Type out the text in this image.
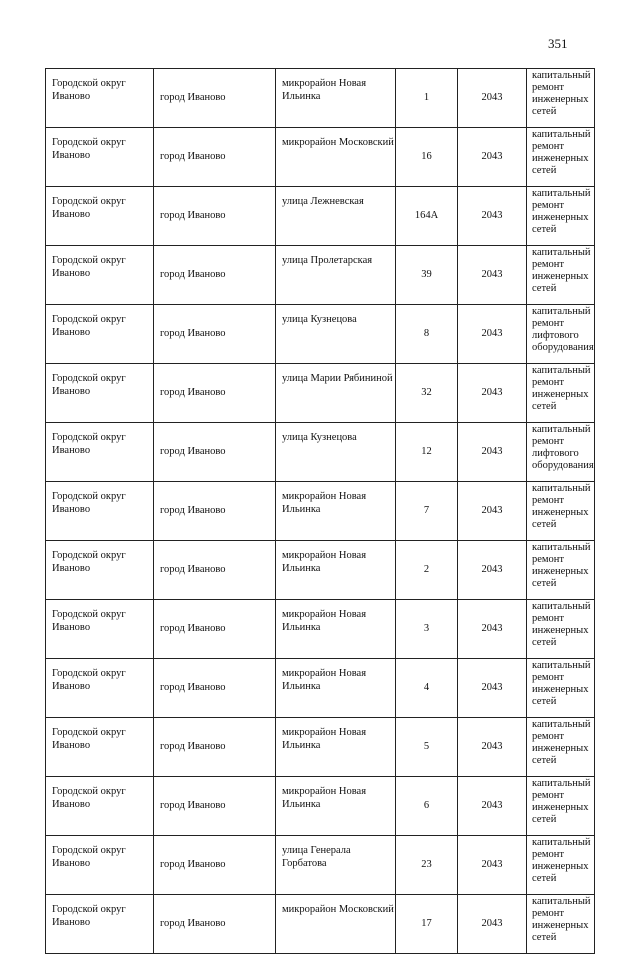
351
Городской округ Иваново	город Иваново	микрорайон Новая Ильинка	1	2043	капитальный ремонт инженерных сетей
Городской округ Иваново	город Иваново	микрорайон Московский	16	2043	капитальный ремонт инженерных сетей
Городской округ Иваново	город Иваново	улица Лежневская	164А	2043	капитальный ремонт инженерных сетей
Городской округ Иваново	город Иваново	улица Пролетарская	39	2043	капитальный ремонт инженерных сетей
Городской округ Иваново	город Иваново	улица Кузнецова	8	2043	капитальный ремонт лифтового оборудования
Городской округ Иваново	город Иваново	улица Марии Рябининой	32	2043	капитальный ремонт инженерных сетей
Городской округ Иваново	город Иваново	улица Кузнецова	12	2043	капитальный ремонт лифтового оборудования
Городской округ Иваново	город Иваново	микрорайон Новая Ильинка	7	2043	капитальный ремонт инженерных сетей
Городской округ Иваново	город Иваново	микрорайон Новая Ильинка	2	2043	капитальный ремонт инженерных сетей
Городской округ Иваново	город Иваново	микрорайон Новая Ильинка	3	2043	капитальный ремонт инженерных сетей
Городской округ Иваново	город Иваново	микрорайон Новая Ильинка	4	2043	капитальный ремонт инженерных сетей
Городской округ Иваново	город Иваново	микрорайон Новая Ильинка	5	2043	капитальный ремонт инженерных сетей
Городской округ Иваново	город Иваново	микрорайон Новая Ильинка	6	2043	капитальный ремонт инженерных сетей
Городской округ Иваново	город Иваново	улица Генерала Горбатова	23	2043	капитальный ремонт инженерных сетей
Городской округ Иваново	город Иваново	микрорайон Московский	17	2043	капитальный ремонт инженерных сетей
